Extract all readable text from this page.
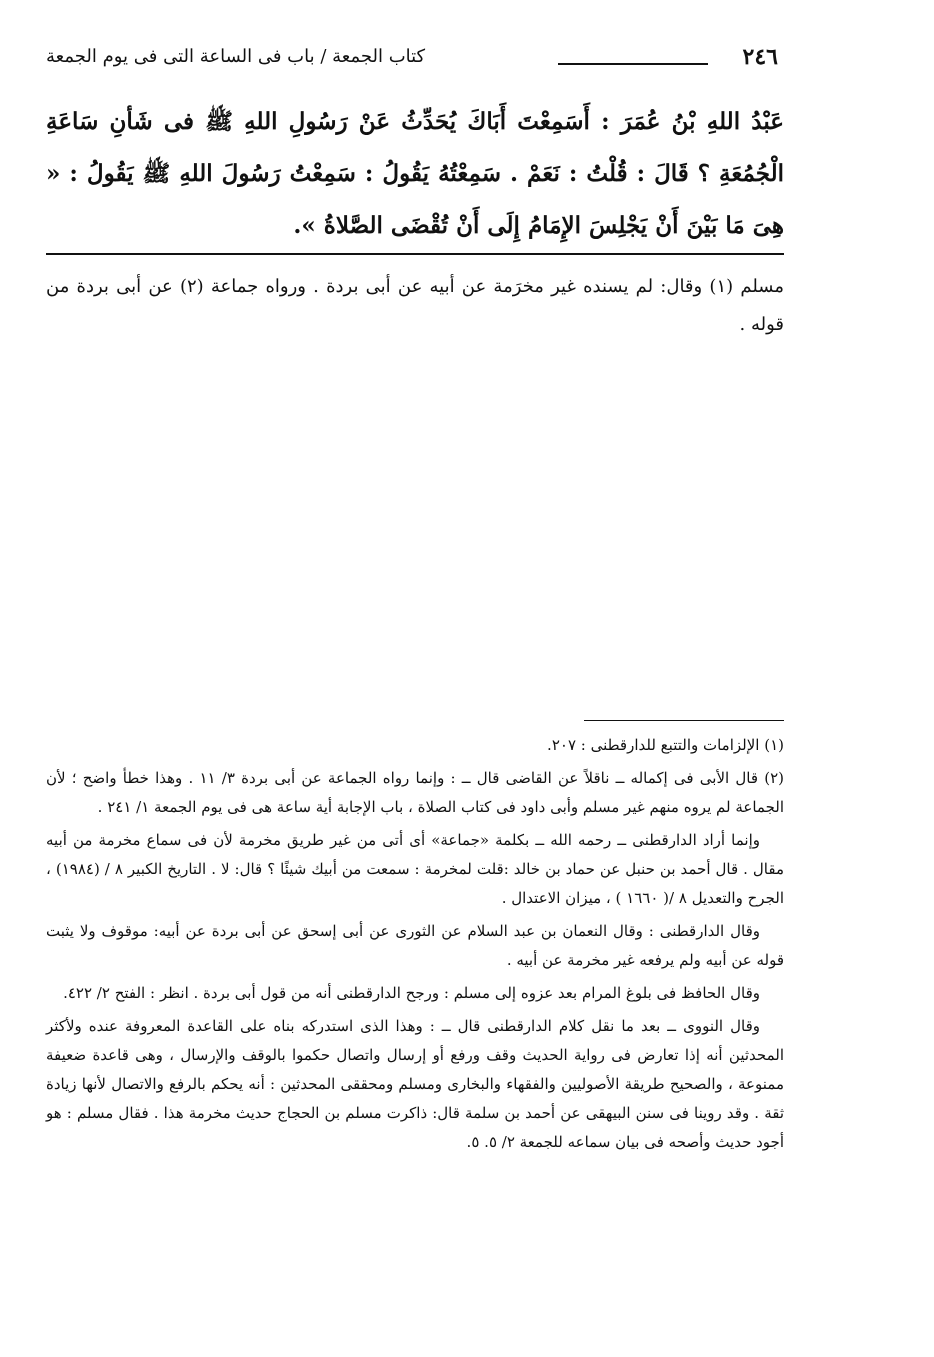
٢٤٦
كتاب الجمعة / باب فى الساعة التى فى يوم الجمعة
عَبْدُ اللهِ بْنُ عُمَرَ : أَسَمِعْتَ أَبَاكَ يُحَدِّثُ عَنْ رَسُولِ اللهِ ﷺ فى شَأنِ سَاعَةِ الْجُمُعَةِ ؟ قَالَ : قُلْتُ : نَعَمْ . سَمِعْتُهُ يَقُولُ : سَمِعْتُ رَسُولَ اللهِ ﷺ يَقُولُ : « هِىَ مَا بَيْنَ أَنْ يَجْلِسَ الإِمَامُ إِلَى أَنْ تُقْضَى الصَّلاةُ ».
مسلم (١) وقال: لم يسنده غير مخرَمة عن أبيه عن أبى بردة . ورواه جماعة (٢) عن أبى بردة من قوله .

(١) الإلزامات والتتبع للدارقطنى : ٢٠٧.

(٢) قال الأبى فى إكماله ــ ناقلاً عن القاضى قال ــ : وإنما رواه الجماعة عن أبى بردة ٣/ ١١ . وهذا خطأ واضح ؛ لأن الجماعة لم يروه منهم غير مسلم وأبى داود فى كتاب الصلاة ، باب الإجابة أية ساعة هى فى يوم الجمعة ١/ ٢٤١ .

وإنما أراد الدارقطنى ــ رحمه الله ــ بكلمة «جماعة» أى أتى من غير طريق مخرمة لأن فى سماع مخرمة من أبيه مقال . قال أحمد بن حنبل عن حماد بن خالد :قلت لمخرمة : سمعت من أبيك شيئًا ؟ قال: لا . التاريخ الكبير ٨ / (١٩٨٤) ، الجرح والتعديل ٨ /( ١٦٦٠ ) ، ميزان الاعتدال .

وقال الدارقطنى : وقال النعمان بن عبد السلام عن الثورى عن أبى إسحق عن أبى بردة عن أبيه: موقوف ولا يثبت قوله عن أبيه ولم يرفعه غير مخرمة عن أبيه .

وقال الحافظ فى بلوغ المرام بعد عزوه إلى مسلم : ورجح الدارقطنى أنه من قول أبى بردة . انظر : الفتح ٢/ ٤٢٢.

وقال النووى ــ بعد ما نقل كلام الدارقطنى قال ــ : وهذا الذى استدركه بناه على القاعدة المعروفة عنده ولأكثر المحدثين أنه إذا تعارض فى رواية الحديث وقف ورفع أو إرسال واتصال حكموا بالوقف والإرسال ، وهى قاعدة ضعيفة ممنوعة ، والصحيح طريقة الأصوليين والفقهاء والبخارى ومسلم ومحققى المحدثين : أنه يحكم بالرفع والاتصال لأنها زيادة ثقة . وقد روينا فى سنن البيهقى عن أحمد بن سلمة قال: ذاكرت مسلم بن الحجاج حديث مخرمة هذا . فقال مسلم : هو أجود حديث وأصحه فى بيان سماعه للجمعة ٢/ ٥. ٥.
